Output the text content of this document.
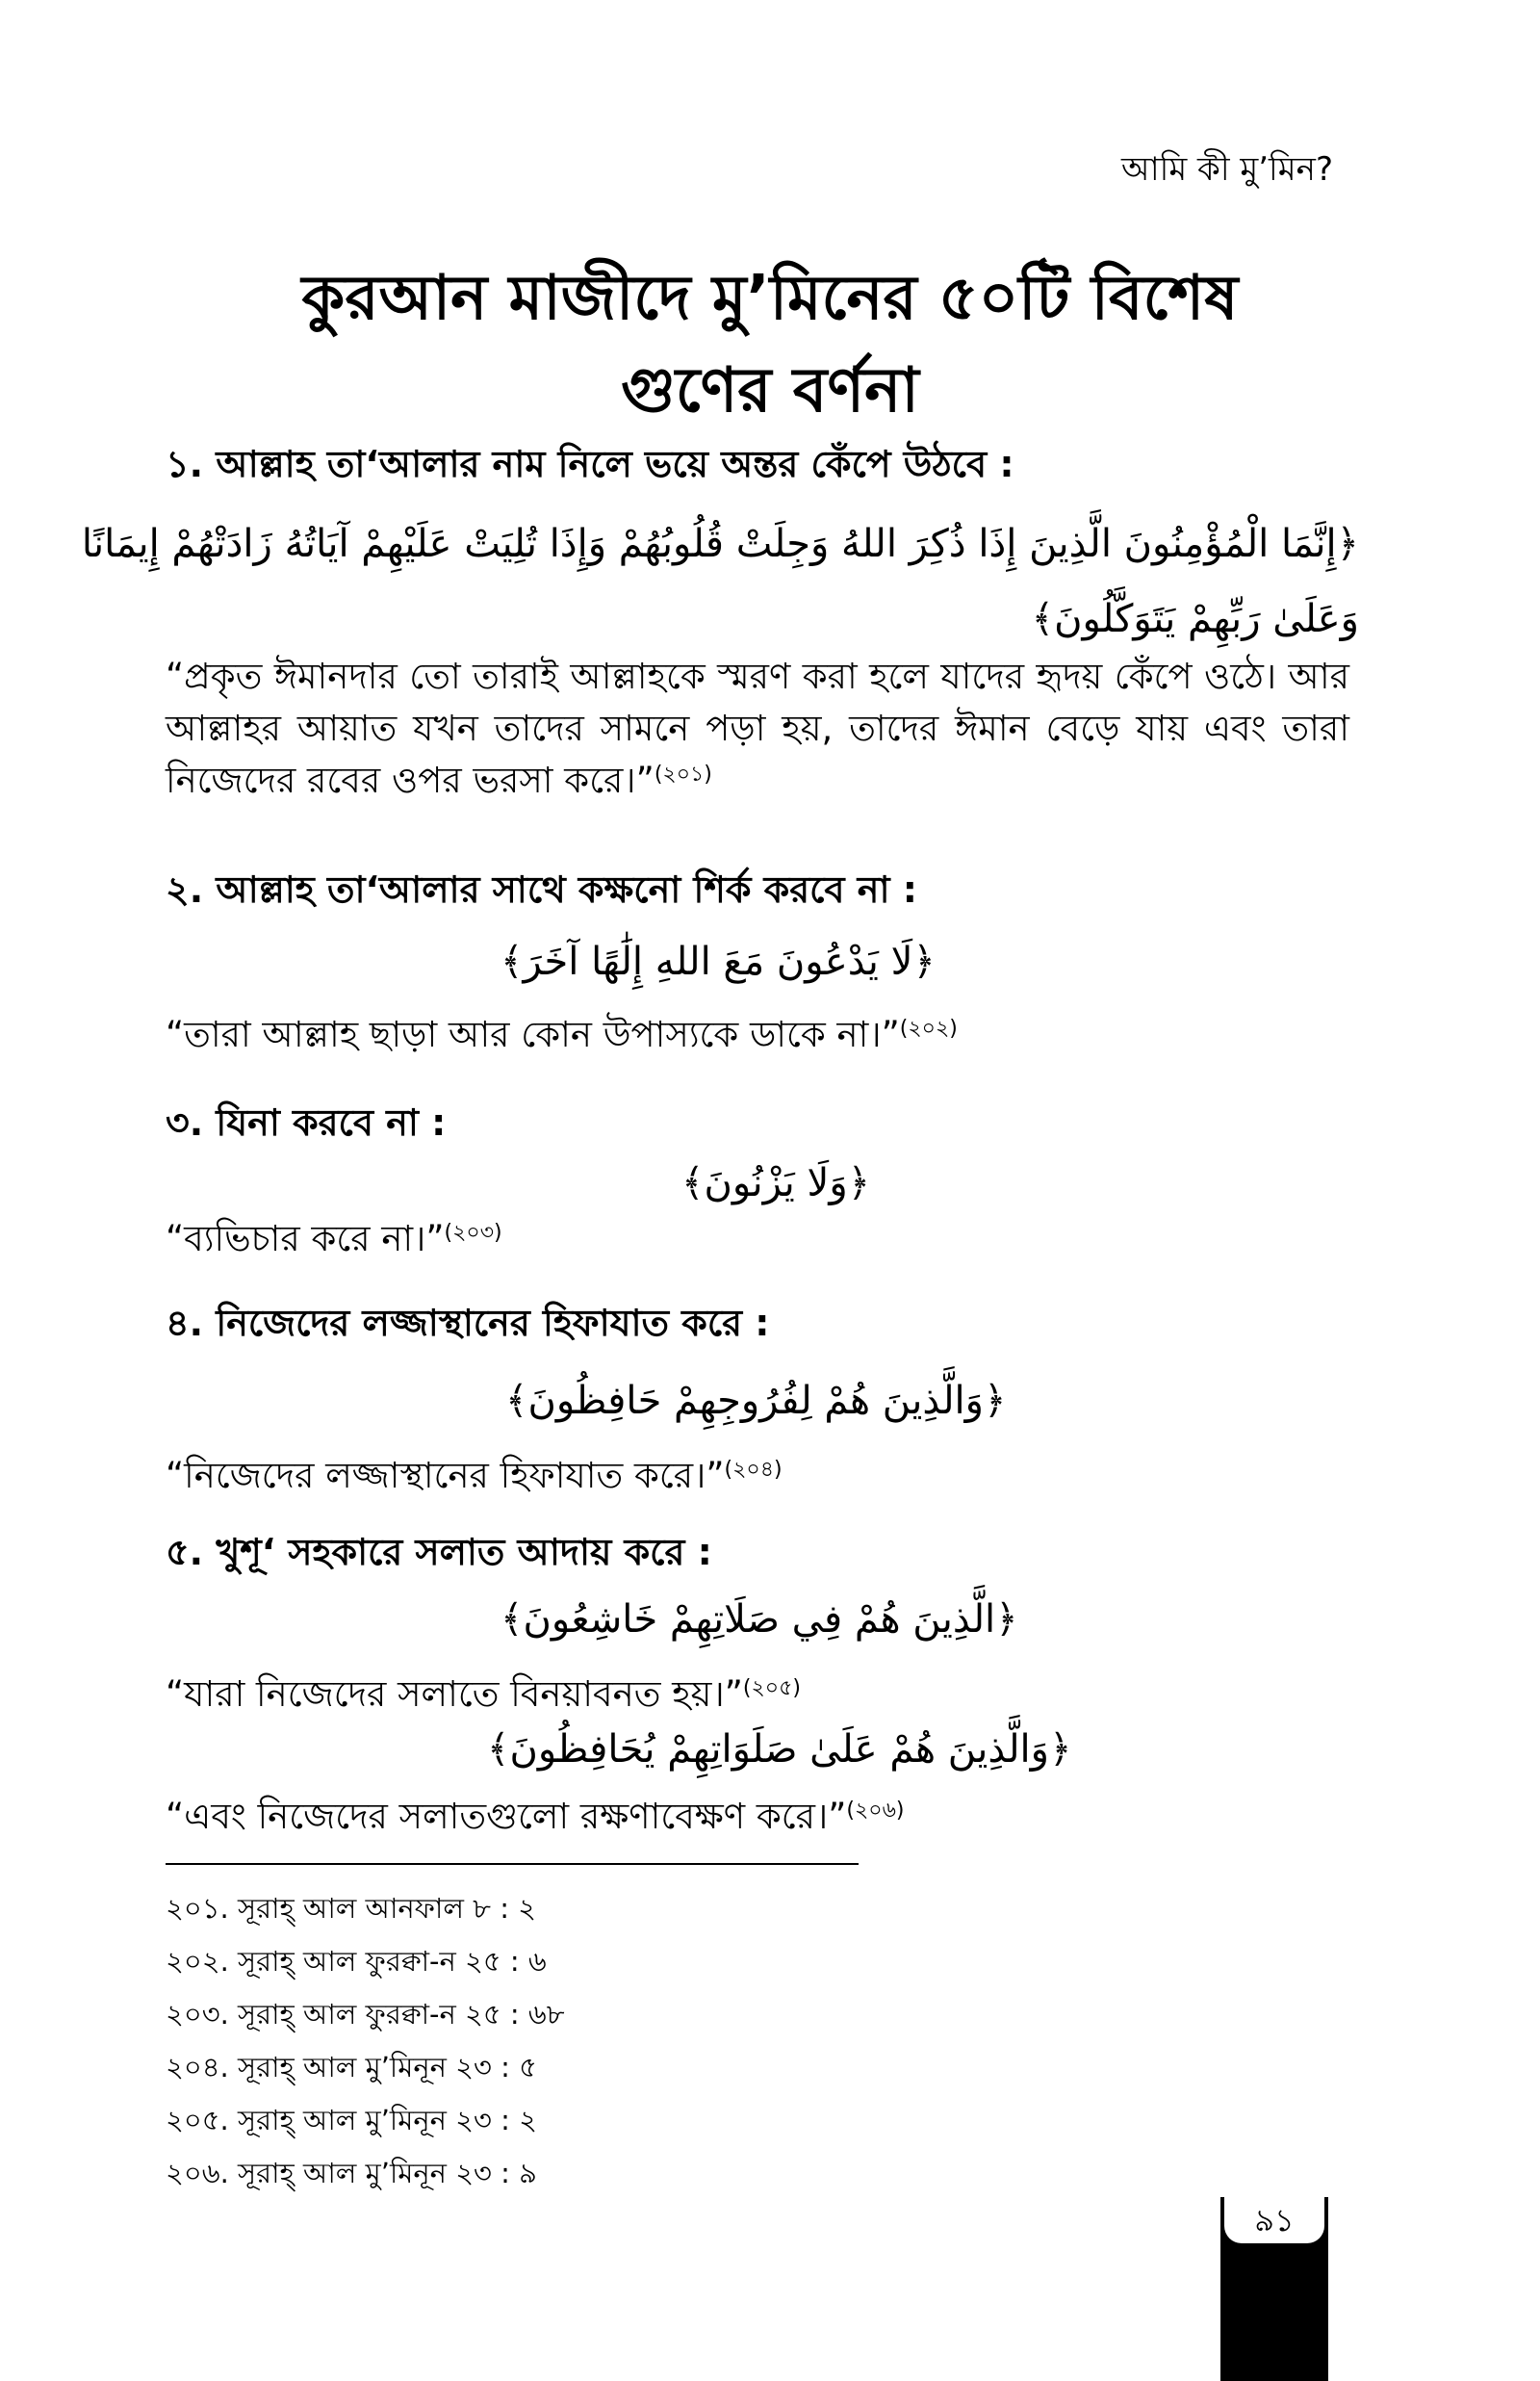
আমি কী মু’মিন?
কুরআন মাজীদে মু’মিনের ৫০টি বিশেষ
গুণের বর্ণনা
১. আল্লাহ তা‘আলার নাম নিলে ভয়ে অন্তর কেঁপে উঠবে :
﴿إِنَّمَا الْمُؤْمِنُونَ الَّذِينَ إِذَا ذُكِرَ اللهُ وَجِلَتْ قُلُوبُهُمْ وَإِذَا تُلِيَتْ عَلَيْهِمْ آيَاتُهُ زَادَتْهُمْ إِيمَانًا
وَعَلَىٰ رَبِّهِمْ يَتَوَكَّلُونَ﴾

“প্রকৃত ঈমানদার তো তারাই আল্লাহকে স্মরণ করা হলে যাদের হৃদয় কেঁপে ওঠে। আর আল্লাহর আয়াত যখন তাদের সামনে পড়া হয়, তাদের ঈমান বেড়ে যায় এবং তারা নিজেদের রবের ওপর ভরসা করে।”$^{(২০১)}$

২. আল্লাহ তা‘আলার সাথে কক্ষনো শির্ক করবে না :
﴿لَا يَدْعُونَ مَعَ اللهِ إِلَٰهًا آخَرَ﴾

“তারা আল্লাহ ছাড়া আর কোন উপাস্যকে ডাকে না।”$^{(২০২)}$

৩. যিনা করবে না :
﴿وَلَا يَزْنُونَ﴾

“ব্যভিচার করে না।”$^{(২০৩)}$

৪. নিজেদের লজ্জাস্থানের হিফাযাত করে :
﴿وَالَّذِينَ هُمْ لِفُرُوجِهِمْ حَافِظُونَ﴾

“নিজেদের লজ্জাস্থানের হিফাযাত করে।”$^{(২০৪)}$

৫. খুশূ‘ সহকারে সলাত আদায় করে :
﴿الَّذِينَ هُمْ فِي صَلَاتِهِمْ خَاشِعُونَ﴾

“যারা নিজেদের সলাতে বিনয়াবনত হয়।”$^{(২০৫)}$

﴿وَالَّذِينَ هُمْ عَلَىٰ صَلَوَاتِهِمْ يُحَافِظُونَ﴾

“এবং নিজেদের সলাতগুলো রক্ষণাবেক্ষণ করে।”$^{(২০৬)}$

২০১. সূরাহ্ আল আনফাল ৮ : ২
২০২. সূরাহ্ আল ফুরক্বা-ন ২৫ : ৬
২০৩. সূরাহ্ আল ফুরক্বা-ন ২৫ : ৬৮
২০৪. সূরাহ্ আল মু’মিনূন ২৩ : ৫
২০৫. সূরাহ্ আল মু’মিনূন ২৩ : ২
২০৬. সূরাহ্ আল মু’মিনূন ২৩ : ৯
৯১
